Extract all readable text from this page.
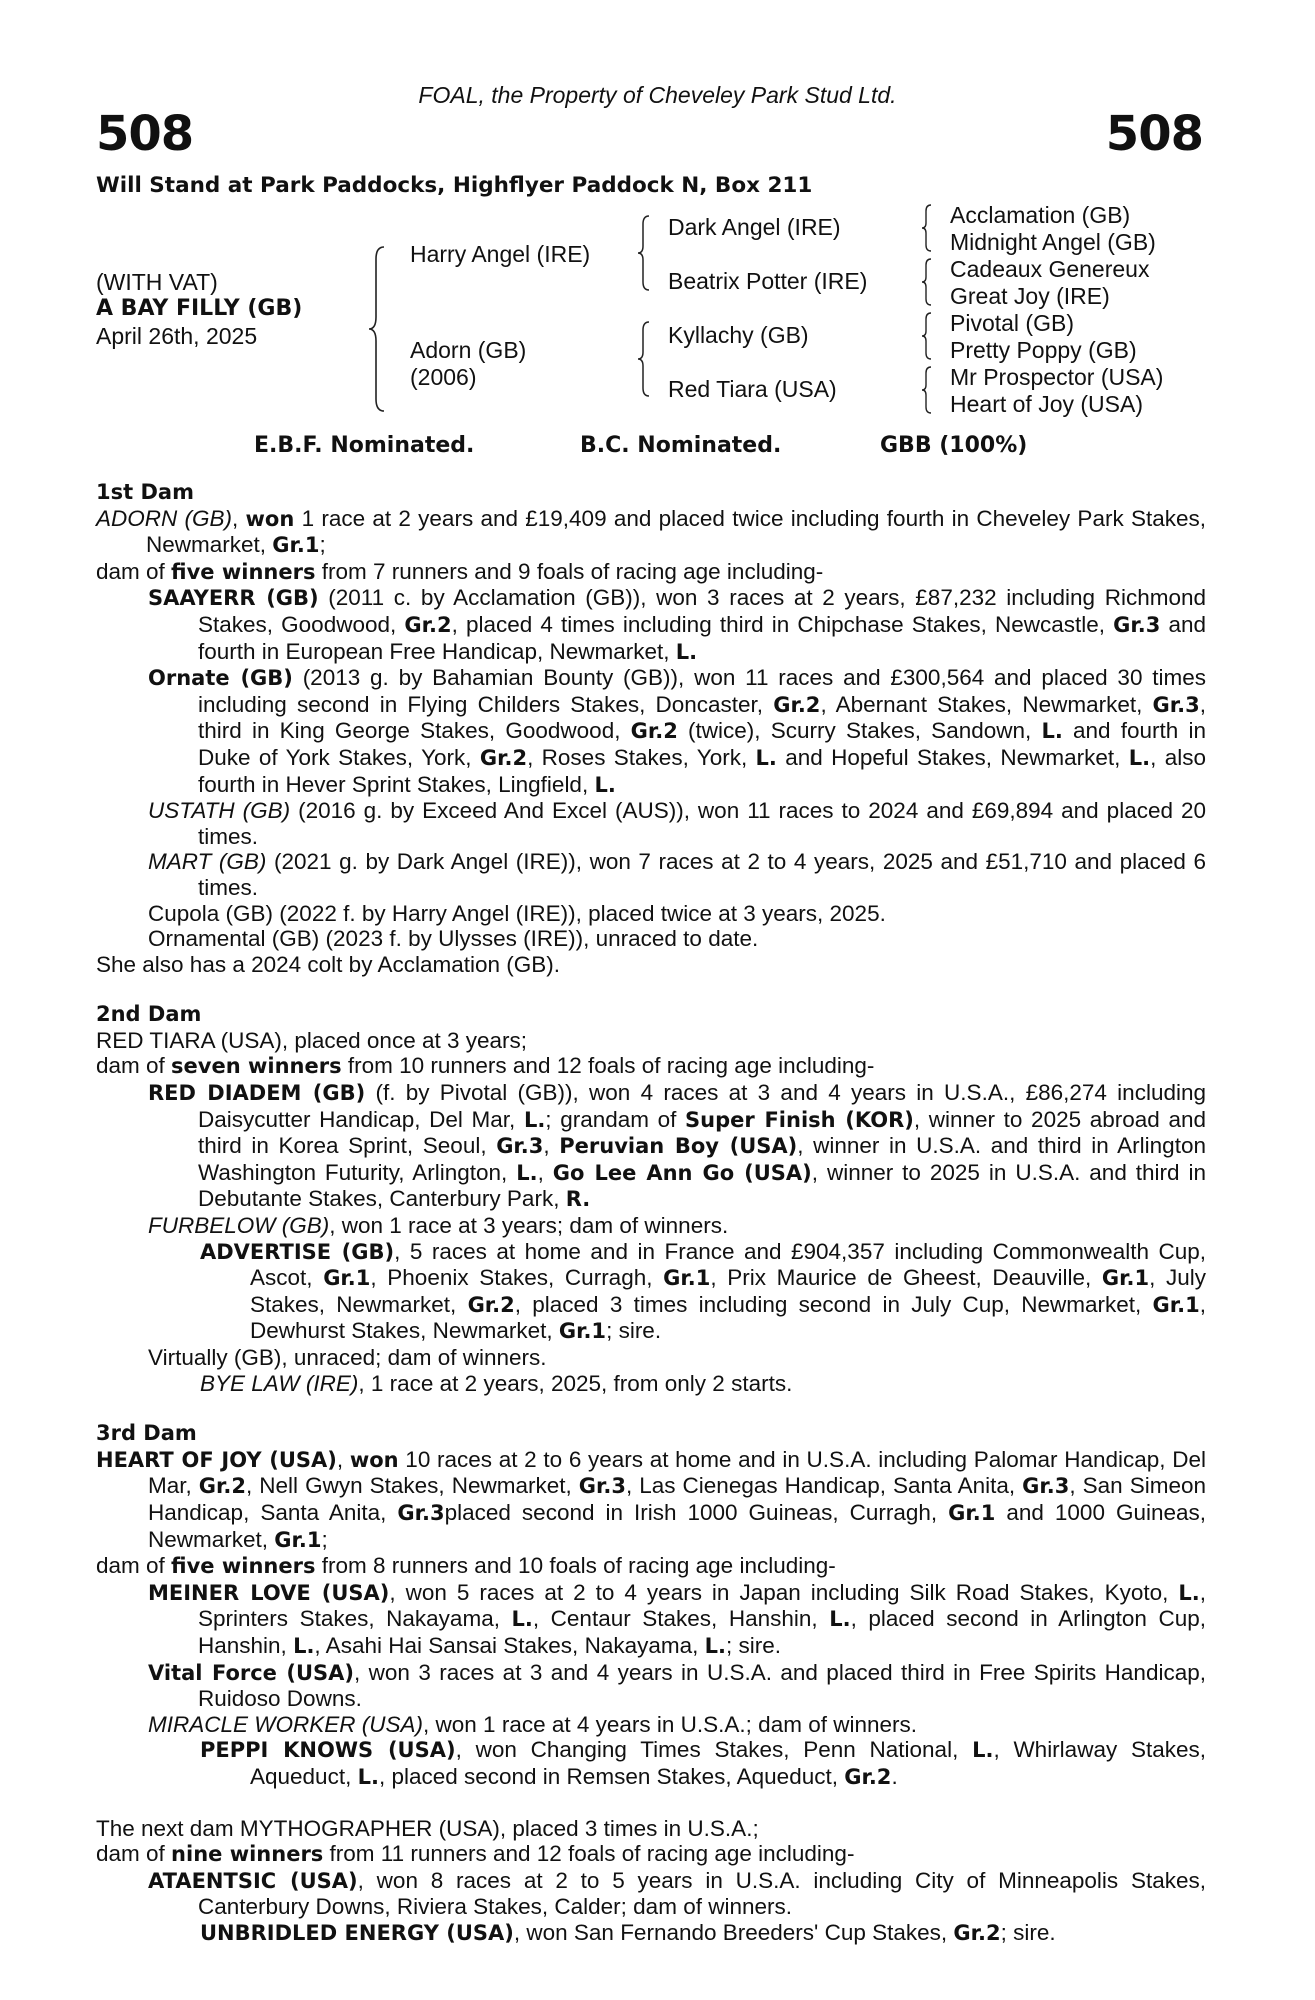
FOAL, the Property of Cheveley Park Stud Ltd.
508	508
Will Stand at Park Paddocks, Highflyer Paddock N, Box 211
(WITH VAT)
A BAY FILLY (GB)
April 26th, 2025
Harry Angel (IRE)
Adorn (GB)
(2006)
Dark Angel (IRE)
Beatrix Potter (IRE)
Kyllachy (GB)
Red Tiara (USA)
Acclamation (GB)
Midnight Angel (GB)
Cadeaux Genereux
Great Joy (IRE)
Pivotal (GB)
Pretty Poppy (GB)
Mr Prospector (USA)
Heart of Joy (USA)
E.B.F. Nominated.	B.C. Nominated.	GBB (100%)

1st Dam

ADORN (GB), won 1 race at 2 years and £19,409 and placed twice including fourth in Cheveley Park Stakes, Newmarket, Gr.1;

dam of five winners from 7 runners and 9 foals of racing age including-

SAAYERR (GB) (2011 c. by Acclamation (GB)), won 3 races at 2 years, £87,232 including Richmond Stakes, Goodwood, Gr.2, placed 4 times including third in Chipchase Stakes, Newcastle, Gr.3 and fourth in European Free Handicap, Newmarket, L.

Ornate (GB) (2013 g. by Bahamian Bounty (GB)), won 11 races and £300,564 and placed 30 times including second in Flying Childers Stakes, Doncaster, Gr.2, Abernant Stakes, Newmarket, Gr.3, third in King George Stakes, Goodwood, Gr.2 (twice), Scurry Stakes, Sandown, L. and fourth in Duke of York Stakes, York, Gr.2, Roses Stakes, York, L. and Hopeful Stakes, Newmarket, L., also fourth in Hever Sprint Stakes, Lingfield, L.

USTATH (GB) (2016 g. by Exceed And Excel (AUS)), won 11 races to 2024 and £69,894 and placed 20 times.

MART (GB) (2021 g. by Dark Angel (IRE)), won 7 races at 2 to 4 years, 2025 and £51,710 and placed 6 times.

Cupola (GB) (2022 f. by Harry Angel (IRE)), placed twice at 3 years, 2025.

Ornamental (GB) (2023 f. by Ulysses (IRE)), unraced to date.

She also has a 2024 colt by Acclamation (GB).

2nd Dam

RED TIARA (USA), placed once at 3 years;

dam of seven winners from 10 runners and 12 foals of racing age including-

RED DIADEM (GB) (f. by Pivotal (GB)), won 4 races at 3 and 4 years in U.S.A., £86,274 including Daisycutter Handicap, Del Mar, L.; grandam of Super Finish (KOR), winner to 2025 abroad and third in Korea Sprint, Seoul, Gr.3, Peruvian Boy (USA), winner in U.S.A. and third in Arlington Washington Futurity, Arlington, L., Go Lee Ann Go (USA), winner to 2025 in U.S.A. and third in Debutante Stakes, Canterbury Park, R.

FURBELOW (GB), won 1 race at 3 years; dam of winners.

ADVERTISE (GB), 5 races at home and in France and £904,357 including Commonwealth Cup, Ascot, Gr.1, Phoenix Stakes, Curragh, Gr.1, Prix Maurice de Gheest, Deauville, Gr.1, July Stakes, Newmarket, Gr.2, placed 3 times including second in July Cup, Newmarket, Gr.1, Dewhurst Stakes, Newmarket, Gr.1; sire.

Virtually (GB), unraced; dam of winners.

BYE LAW (IRE), 1 race at 2 years, 2025, from only 2 starts.

3rd Dam

HEART OF JOY (USA), won 10 races at 2 to 6 years at home and in U.S.A. including Palomar Handicap, Del Mar, Gr.2, Nell Gwyn Stakes, Newmarket, Gr.3, Las Cienegas Handicap, Santa Anita, Gr.3, San Simeon Handicap, Santa Anita, Gr.3placed second in Irish 1000 Guineas, Curragh, Gr.1 and 1000 Guineas, Newmarket, Gr.1;

dam of five winners from 8 runners and 10 foals of racing age including-

MEINER LOVE (USA), won 5 races at 2 to 4 years in Japan including Silk Road Stakes, Kyoto, L., Sprinters Stakes, Nakayama, L., Centaur Stakes, Hanshin, L., placed second in Arlington Cup, Hanshin, L., Asahi Hai Sansai Stakes, Nakayama, L.; sire.

Vital Force (USA), won 3 races at 3 and 4 years in U.S.A. and placed third in Free Spirits Handicap, Ruidoso Downs.

MIRACLE WORKER (USA), won 1 race at 4 years in U.S.A.; dam of winners.

PEPPI KNOWS (USA), won Changing Times Stakes, Penn National, L., Whirlaway Stakes, Aqueduct, L., placed second in Remsen Stakes, Aqueduct, Gr.2.

The next dam MYTHOGRAPHER (USA), placed 3 times in U.S.A.;

dam of nine winners from 11 runners and 12 foals of racing age including-

ATAENTSIC (USA), won 8 races at 2 to 5 years in U.S.A. including City of Minneapolis Stakes, Canterbury Downs, Riviera Stakes, Calder; dam of winners.

UNBRIDLED ENERGY (USA), won San Fernando Breeders' Cup Stakes, Gr.2; sire.
